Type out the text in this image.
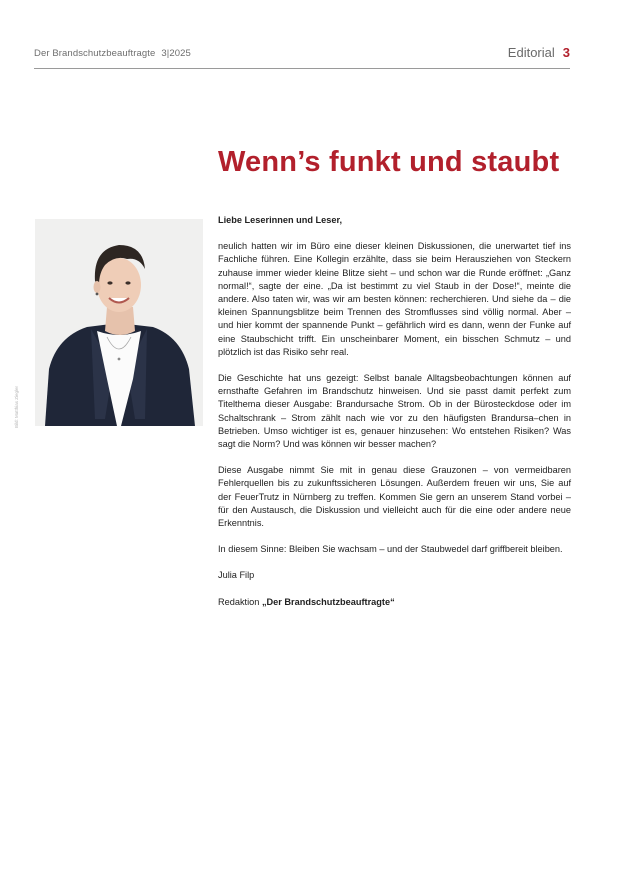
Der Brandschutzbeauftragte 3|2025	Editorial 3
Wenn’s funkt und staubt
Bild: Matthias Ziegler

Liebe Leserinnen und Leser,

neulich hatten wir im Büro eine dieser kleinen Diskussionen, die unerwartet tief ins Fachliche führen. Eine Kollegin erzählte, dass sie beim Herausziehen von Steckern zuhause immer wieder kleine Blitze sieht – und schon war die Runde eröffnet: „Ganz normal!“, sagte der eine. „Da ist bestimmt zu viel Staub in der Dose!“, meinte die andere. Also taten wir, was wir am besten können: recherchieren. Und siehe da – die kleinen Spannungsblitze beim Trennen des Stromflusses sind völlig normal. Aber – und hier kommt der spannende Punkt – gefährlich wird es dann, wenn der Funke auf eine Staubschicht trifft. Ein unscheinbarer Moment, ein bisschen Schmutz – und plötzlich ist das Risiko sehr real.

Die Geschichte hat uns gezeigt: Selbst banale Alltagsbeobachtungen können auf ernsthafte Gefahren im Brandschutz hinweisen. Und sie passt damit perfekt zum Titelthema dieser Ausgabe: Brandursache Strom. Ob in der Bürosteckdose oder im Schaltschrank – Strom zählt nach wie vor zu den häufigsten Brandursa–chen in Betrieben. Umso wichtiger ist es, genauer hinzusehen: Wo entstehen Risiken? Was sagt die Norm? Und was können wir besser machen?

Diese Ausgabe nimmt Sie mit in genau diese Grauzonen – von vermeidbaren Fehlerquellen bis zu zukunftssicheren Lösungen. Außerdem freuen wir uns, Sie auf der FeuerTrutz in Nürnberg zu treffen. Kommen Sie gern an unserem Stand vorbei – für den Austausch, die Diskussion und vielleicht auch für die eine oder andere neue Erkenntnis.

In diesem Sinne: Bleiben Sie wachsam – und der Staubwedel darf griffbereit bleiben.

Julia Filp

Redaktion „Der Brandschutzbeauftragte“
